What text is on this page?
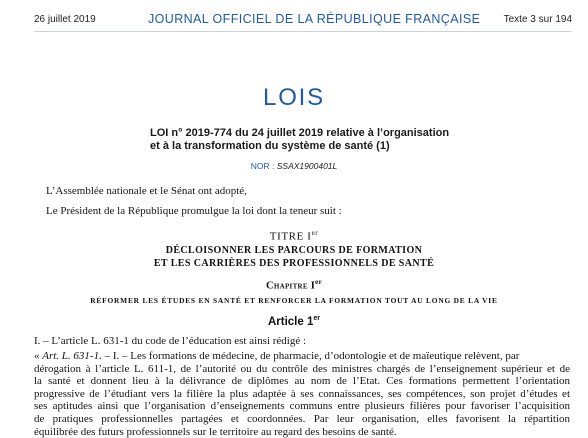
26 juillet 2019	JOURNAL OFFICIEL DE LA RÉPUBLIQUE FRANÇAISE Texte 3 sur 194
LOIS
LOI n° 2019-774 du 24 juillet 2019 relative à l’organisation
et à la transformation du système de santé (1)
NOR : SSAX1900401L
L’Assemblée nationale et le Sénat ont adopté,
Le Président de la République promulgue la loi dont la teneur suit :
TITRE Ier
DÉCLOISONNER LES PARCOURS DE FORMATION
ET LES CARRIÈRES DES PROFESSIONNELS DE SANTÉ
Chapitre Ier
RÉFORMER LES ÉTUDES EN SANTÉ ET RENFORCER LA FORMATION TOUT AU LONG DE LA VIE
Article 1er
I. – L’article L. 631-1 du code de l’éducation est ainsi rédigé :
« Art. L. 631-1. – I. – Les formations de médecine, de pharmacie, d’odontologie et de maïeutique relèvent, par
dérogation à l’article L. 611-1, de l’autorité ou du contrôle des ministres chargés de l’enseignement supérieur et de
la santé et donnent lieu à la délivrance de diplômes au nom de l’Etat. Ces formations permettent l’orientation
progressive de l’étudiant vers la filière la plus adaptée à ses connaissances, ses compétences, son projet d’études et
ses aptitudes ainsi que l’organisation d’enseignements communs entre plusieurs filières pour favoriser l’acquisition
de pratiques professionnelles partagées et coordonnées. Par leur organisation, elles favorisent la répartition
équilibrée des futurs professionnels sur le territoire au regard des besoins de santé.
